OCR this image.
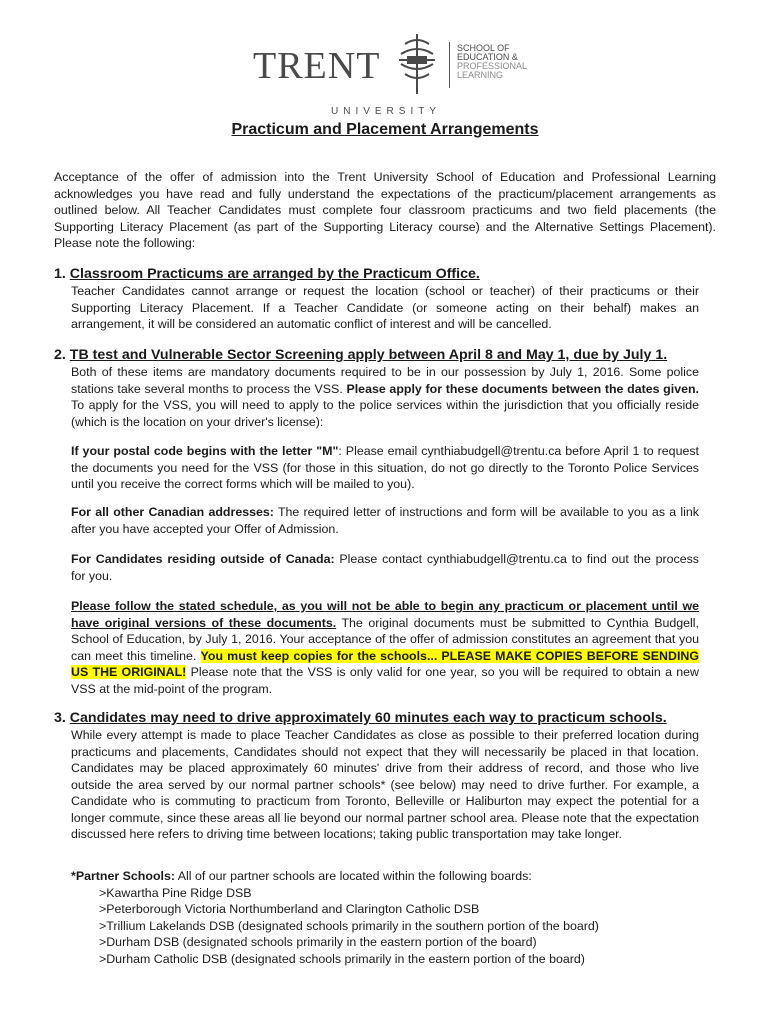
TRENT
UNIVERSITY
SCHOOL OF
EDUCATION &
PROFESSIONAL
LEARNING
Practicum and Placement Arrangements
Acceptance of the offer of admission into the Trent University School of Education and Professional Learning acknowledges you have read and fully understand the expectations of the practicum/placement arrangements as outlined below. All Teacher Candidates must complete four classroom practicums and two field placements (the Supporting Literacy Placement (as part of the Supporting Literacy course) and the Alternative Settings Placement). Please note the following:
1. Classroom Practicums are arranged by the Practicum Office.
Teacher Candidates cannot arrange or request the location (school or teacher) of their practicums or their Supporting Literacy Placement. If a Teacher Candidate (or someone acting on their behalf) makes an arrangement, it will be considered an automatic conflict of interest and will be cancelled.
2. TB test and Vulnerable Sector Screening apply between April 8 and May 1, due by July 1.
Both of these items are mandatory documents required to be in our possession by July 1, 2016. Some police stations take several months to process the VSS. Please apply for these documents between the dates given. To apply for the VSS, you will need to apply to the police services within the jurisdiction that you officially reside (which is the location on your driver's license):
If your postal code begins with the letter "M": Please email cynthiabudgell@trentu.ca before April 1 to request the documents you need for the VSS (for those in this situation, do not go directly to the Toronto Police Services until you receive the correct forms which will be mailed to you).
For all other Canadian addresses: The required letter of instructions and form will be available to you as a link after you have accepted your Offer of Admission.
For Candidates residing outside of Canada: Please contact cynthiabudgell@trentu.ca to find out the process for you.
Please follow the stated schedule, as you will not be able to begin any practicum or placement until we have original versions of these documents. The original documents must be submitted to Cynthia Budgell, School of Education, by July 1, 2016. Your acceptance of the offer of admission constitutes an agreement that you can meet this timeline. You must keep copies for the schools... PLEASE MAKE COPIES BEFORE SENDING US THE ORIGINAL! Please note that the VSS is only valid for one year, so you will be required to obtain a new VSS at the mid-point of the program.
3. Candidates may need to drive approximately 60 minutes each way to practicum schools.
While every attempt is made to place Teacher Candidates as close as possible to their preferred location during practicums and placements, Candidates should not expect that they will necessarily be placed in that location. Candidates may be placed approximately 60 minutes' drive from their address of record, and those who live outside the area served by our normal partner schools* (see below) may need to drive further. For example, a Candidate who is commuting to practicum from Toronto, Belleville or Haliburton may expect the potential for a longer commute, since these areas all lie beyond our normal partner school area. Please note that the expectation discussed here refers to driving time between locations; taking public transportation may take longer.
*Partner Schools: All of our partner schools are located within the following boards:
>Kawartha Pine Ridge DSB
>Peterborough Victoria Northumberland and Clarington Catholic DSB
>Trillium Lakelands DSB (designated schools primarily in the southern portion of the board)
>Durham DSB (designated schools primarily in the eastern portion of the board)
>Durham Catholic DSB (designated schools primarily in the eastern portion of the board)
